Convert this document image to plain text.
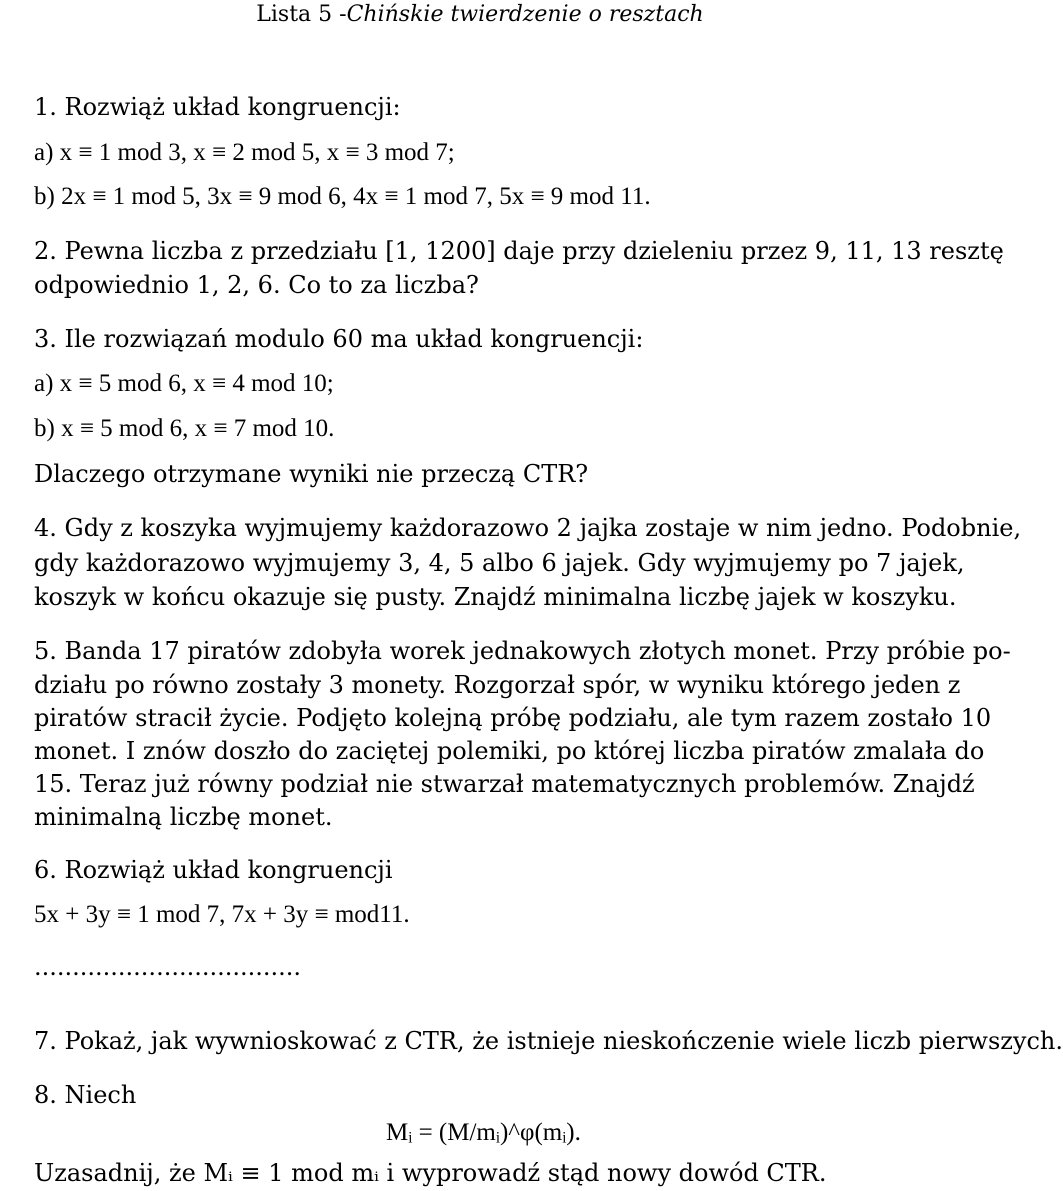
Lista 5 -Chińskie twierdzenie o resztach
1. Rozwiąż układ kongruencji:
a) x ≡ 1 mod 3, x ≡ 2 mod 5, x ≡ 3 mod 7;
b) 2x ≡ 1 mod 5, 3x ≡ 9 mod 6, 4x ≡ 1 mod 7, 5x ≡ 9 mod 11.
2. Pewna liczba z przedziału [1, 1200] daje przy dzieleniu przez 9, 11, 13 resztę
odpowiednio 1, 2, 6. Co to za liczba?
3. Ile rozwiązań modulo 60 ma układ kongruencji:
a) x ≡ 5 mod 6, x ≡ 4 mod 10;
b) x ≡ 5 mod 6, x ≡ 7 mod 10.
Dlaczego otrzymane wyniki nie przeczą CTR?
4. Gdy z koszyka wyjmujemy każdorazowo 2 jajka zostaje w nim jedno. Podobnie,
gdy każdorazowo wyjmujemy 3, 4, 5 albo 6 jajek. Gdy wyjmujemy po 7 jajek,
koszyk w końcu okazuje się pusty. Znajdź minimalna liczbę jajek w koszyku.
5. Banda 17 piratów zdobyła worek jednakowych złotych monet. Przy próbie po-
działu po równo zostały 3 monety. Rozgorzał spór, w wyniku którego jeden z
piratów stracił życie. Podjęto kolejną próbę podziału, ale tym razem zostało 10
monet. I znów doszło do zaciętej polemiki, po której liczba piratów zmalała do
15. Teraz już równy podział nie stwarzał matematycznych problemów. Znajdź
minimalną liczbę monet.
6. Rozwiąż układ kongruencji
5x + 3y ≡ 1 mod 7, 7x + 3y ≡ mod11.
...................................
7. Pokaż, jak wywnioskować z CTR, że istnieje nieskończenie wiele liczb pierwszych.
8. Niech
Mᵢ = (M/mᵢ)^φ(mᵢ).
Uzasadnij, że Mᵢ ≡ 1 mod mᵢ i wyprowadź stąd nowy dowód CTR.
